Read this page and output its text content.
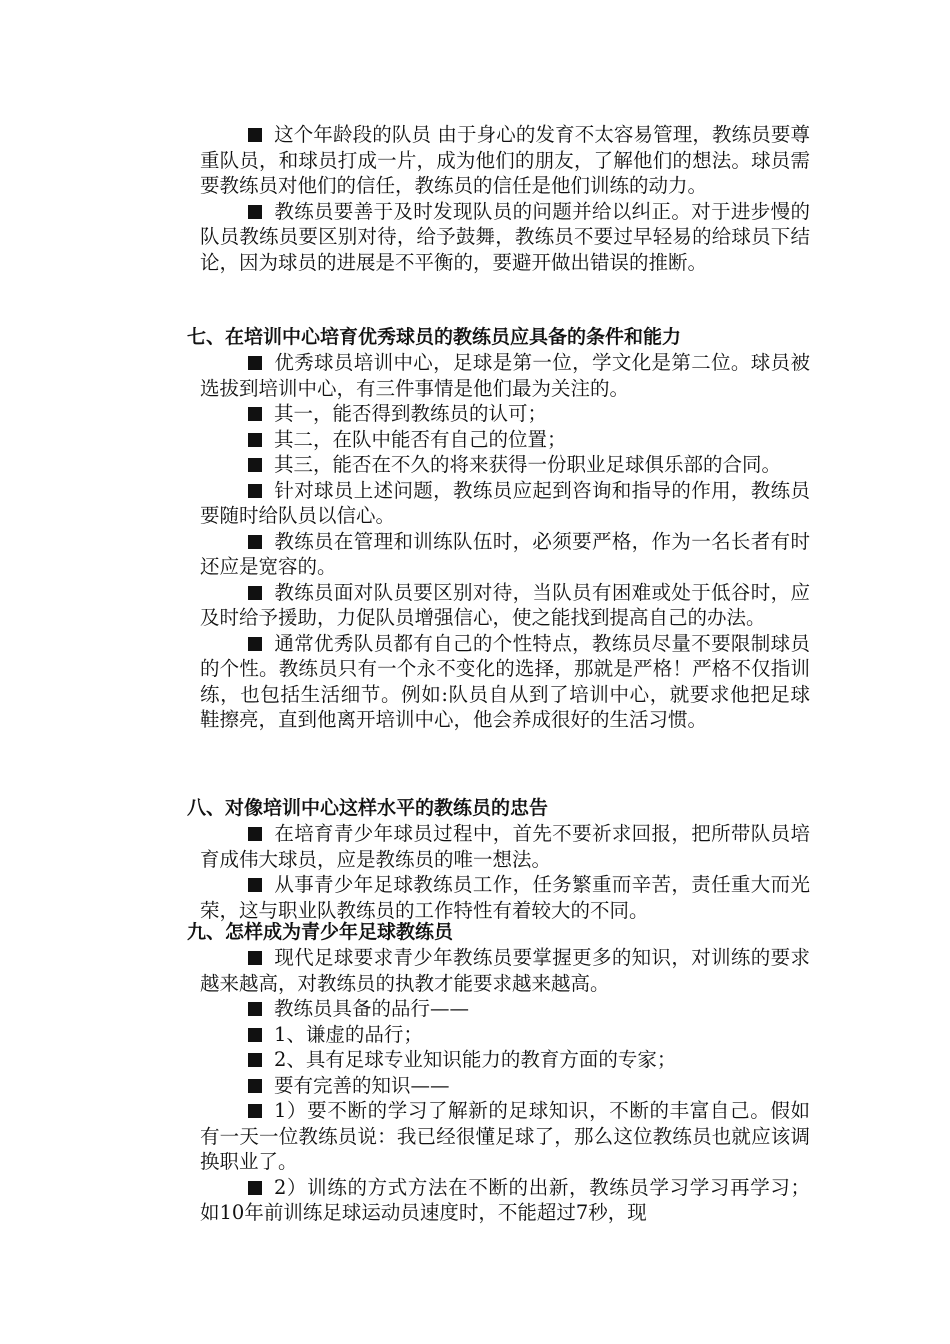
这个年龄段的队员 由于身心的发育不太容易管理，教练员要尊重队员，和球员打成一片，成为他们的朋友，了解他们的想法。球员需要教练员对他们的信任，教练员的信任是他们训练的动力。

教练员要善于及时发现队员的问题并给以纠正。对于进步慢的队员教练员要区别对待，给予鼓舞，教练员不要过早轻易的给球员下结论，因为球员的进展是不平衡的，要避开做出错误的推断。

七、在培训中心培育优秀球员的教练员应具备的条件和能力

优秀球员培训中心，足球是第一位，学文化是第二位。球员被选拔到培训中心，有三件事情是他们最为关注的。

其一，能否得到教练员的认可；

其二，在队中能否有自己的位置；

其三，能否在不久的将来获得一份职业足球俱乐部的合同。

针对球员上述问题，教练员应起到咨询和指导的作用，教练员要随时给队员以信心。

教练员在管理和训练队伍时，必须要严格，作为一名长者有时还应是宽容的。

教练员面对队员要区别对待，当队员有困难或处于低谷时，应及时给予援助，力促队员增强信心，使之能找到提高自己的办法。

通常优秀队员都有自己的个性特点，教练员尽量不要限制球员的个性。教练员只有一个永不变化的选择，那就是严格！严格不仅指训练，也包括生活细节。例如:队员自从到了培训中心，就要求他把足球鞋擦亮，直到他离开培训中心，他会养成很好的生活习惯。

八、对像培训中心这样水平的教练员的忠告

在培育青少年球员过程中，首先不要祈求回报，把所带队员培育成伟大球员，应是教练员的唯一想法。

从事青少年足球教练员工作，任务繁重而辛苦，责任重大而光荣，这与职业队教练员的工作特性有着较大的不同。

九、怎样成为青少年足球教练员

现代足球要求青少年教练员要掌握更多的知识，对训练的要求越来越高，对教练员的执教才能要求越来越高。

教练员具备的品行——

1、谦虚的品行；

2、具有足球专业知识能力的教育方面的专家；

要有完善的知识——

1）要不断的学习了解新的足球知识，不断的丰富自己。假如有一天一位教练员说：我已经很懂足球了，那么这位教练员也就应该调换职业了。

2）训练的方式方法在不断的出新，教练员学习学习再学习；如10年前训练足球运动员速度时，不能超过7秒，现
